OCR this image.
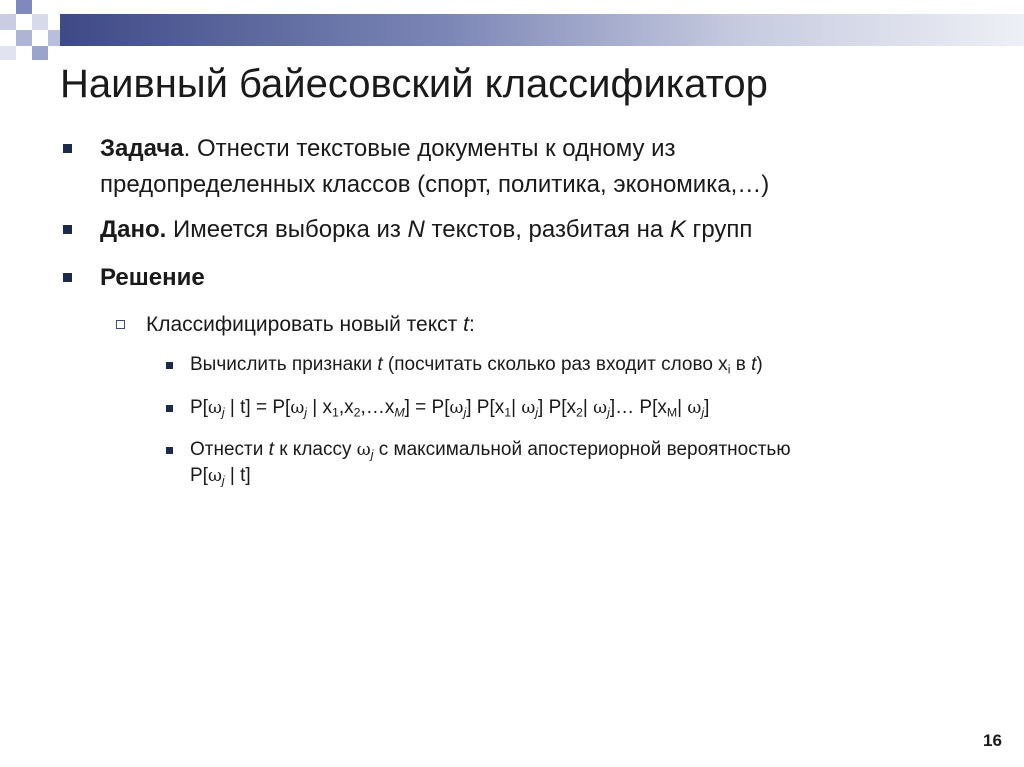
Наивный байесовский классификатор
Задача. Отнести текстовые документы к одному из
предопределенных классов (спорт, политика, экономика,…)
Дано. Имеется выборка из N текстов, разбитая на K групп
Решение
Классифицировать новый текст t:
Вычислить признаки t (посчитать сколько раз входит слово $x_i$ в t)
$P[\omega_j$ | $t] = P[\omega_j$ | $x_1,x_2,\dots x_M] = P[\omega_j]$ $P[x_1|$ $\omega_j$] $P[x_2|$ $\omega_j]\dots$ $P[x_M|$ $\omega_j$]
Отнести t к классу $\omega_j$ с максимальной апостериорной вероятностью
$P[\omega_j$ | t]
16
